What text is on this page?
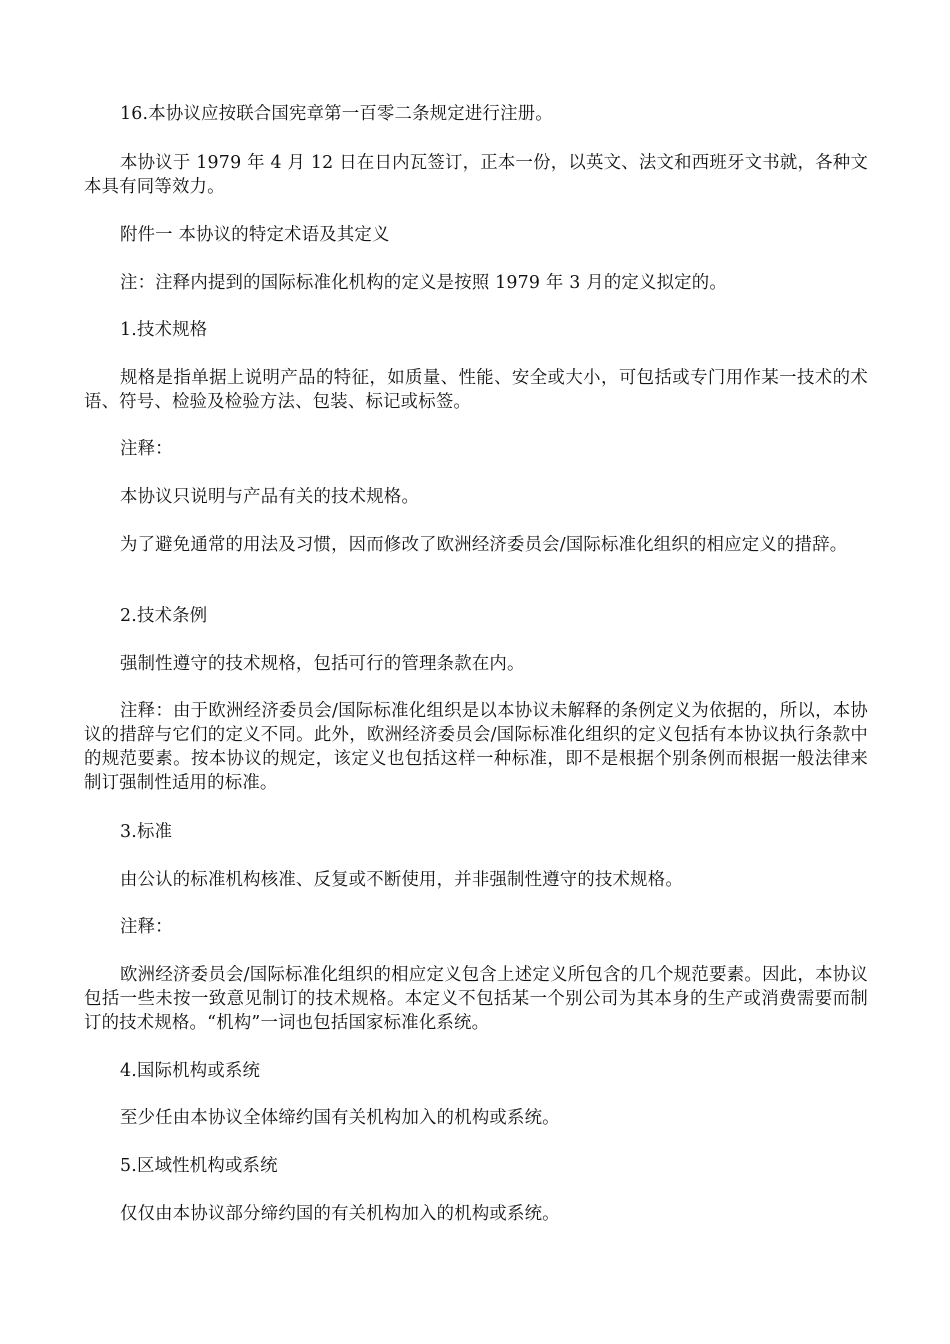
16.本协议应按联合国宪章第一百零二条规定进行注册。

本协议于 1979 年 4 月 12 日在日内瓦签订，正本一份，以英文、法文和西班牙文书就，各种文本具有同等效力。

附件一 本协议的特定术语及其定义

注：注释内提到的国际标准化机构的定义是按照 1979 年 3 月的定义拟定的。

1.技术规格

规格是指单据上说明产品的特征，如质量、性能、安全或大小，可包括或专门用作某一技术的术语、符号、检验及检验方法、包装、标记或标签。

注释：

本协议只说明与产品有关的技术规格。

为了避免通常的用法及习惯，因而修改了欧洲经济委员会/国际标准化组织的相应定义的措辞。

2.技术条例

强制性遵守的技术规格，包括可行的管理条款在内。

注释：由于欧洲经济委员会/国际标准化组织是以本协议未解释的条例定义为依据的，所以，本协议的措辞与它们的定义不同。此外，欧洲经济委员会/国际标准化组织的定义包括有本协议执行条款中的规范要素。按本协议的规定，该定义也包括这样一种标准，即不是根据个别条例而根据一般法律来制订强制性适用的标准。

3.标准

由公认的标准机构核准、反复或不断使用，并非强制性遵守的技术规格。

注释：

欧洲经济委员会/国际标准化组织的相应定义包含上述定义所包含的几个规范要素。因此，本协议包括一些未按一致意见制订的技术规格。本定义不包括某一个别公司为其本身的生产或消费需要而制订的技术规格。“机构”一词也包括国家标准化系统。

4.国际机构或系统

至少任由本协议全体缔约国有关机构加入的机构或系统。

5.区域性机构或系统

仅仅由本协议部分缔约国的有关机构加入的机构或系统。
